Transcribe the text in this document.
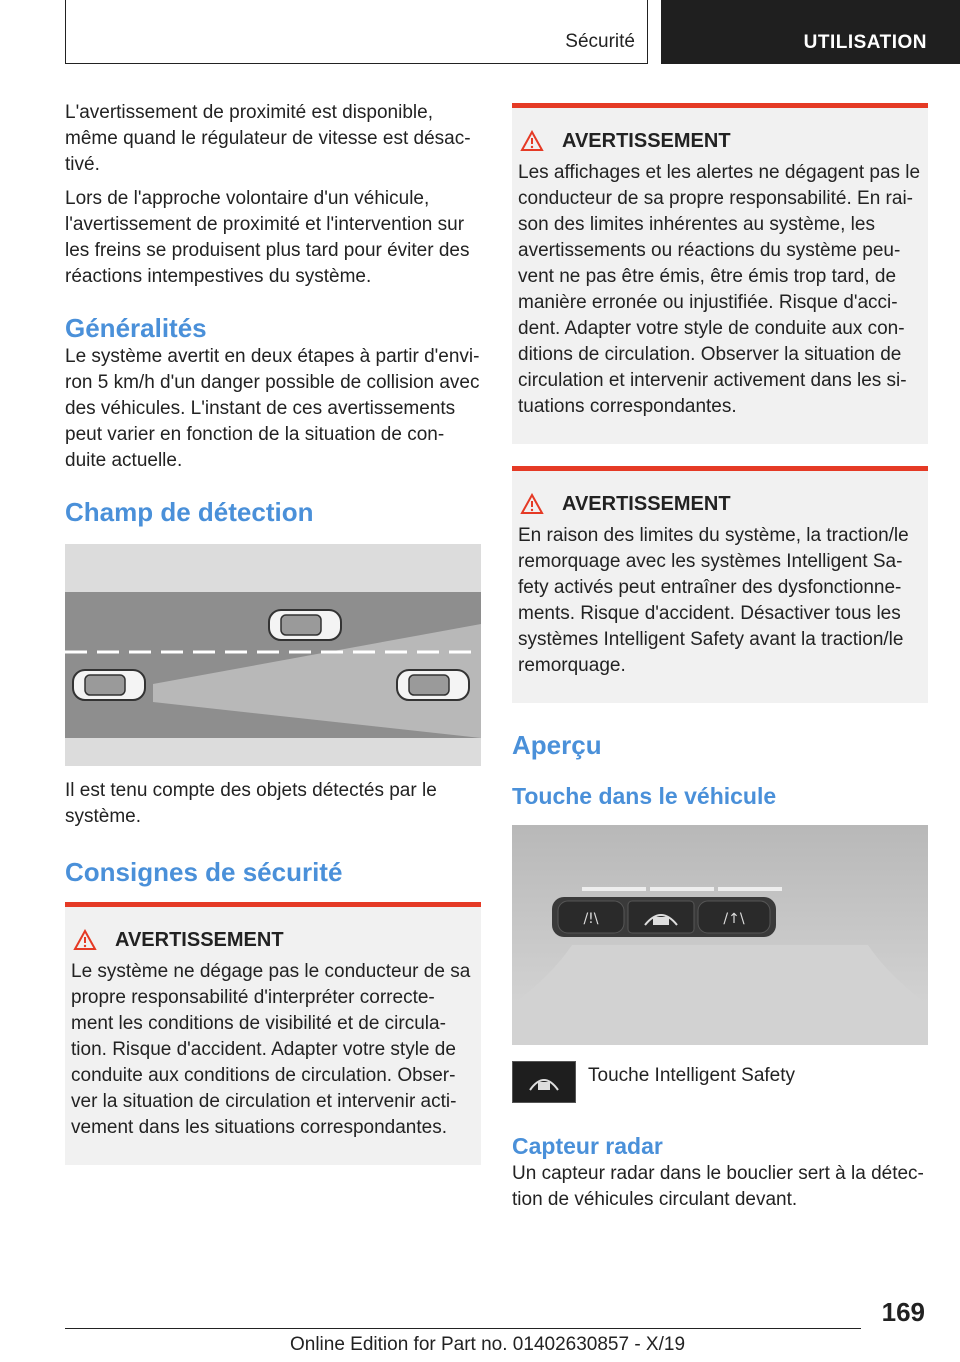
Sécurité	UTILISATION

L'avertissement de proximité est disponible, même quand le régulateur de vitesse est désac‐tivé.

Lors de l'approche volontaire d'un véhicule, l'avertissement de proximité et l'intervention sur les freins se produisent plus tard pour éviter des réactions intempestives du système.

Généralités

Le système avertit en deux étapes à partir d'envi‐ron 5 km/h d'un danger possible de collision avec des véhicules. L'instant de ces avertissements peut varier en fonction de la situation de con‐duite actuelle.

Champ de détection

Il est tenu compte des objets détectés par le système.

Consignes de sécurité
AVERTISSEMENT
Le système ne dégage pas le conducteur de sa propre responsabilité d'interpréter correcte‐ment les conditions de visibilité et de circula‐tion. Risque d'accident. Adapter votre style de conduite aux conditions de circulation. Obser‐ver la situation de circulation et intervenir acti‐vement dans les situations correspondantes.
AVERTISSEMENT
Les affichages et les alertes ne dégagent pas le conducteur de sa propre responsabilité. En rai‐son des limites inhérentes au système, les avertissements ou réactions du système peu‐vent ne pas être émis, être émis trop tard, de manière erronée ou injustifiée. Risque d'acci‐dent. Adapter votre style de conduite aux con‐ditions de circulation. Observer la situation de circulation et intervenir activement dans les si‐tuations correspondantes.
AVERTISSEMENT
En raison des limites du système, la traction/le remorquage avec les systèmes Intelligent Sa‐fety activés peut entraîner des dysfonctionne‐ments. Risque d'accident. Désactiver tous les systèmes Intelligent Safety avant la traction/le remorquage.
Aperçu
Touche dans le véhicule
/!\	/↑\
Touche Intelligent Safety
Capteur radar

Un capteur radar dans le bouclier sert à la détec‐tion de véhicules circulant devant.

169
Online Edition for Part no. 01402630857 - X/19
